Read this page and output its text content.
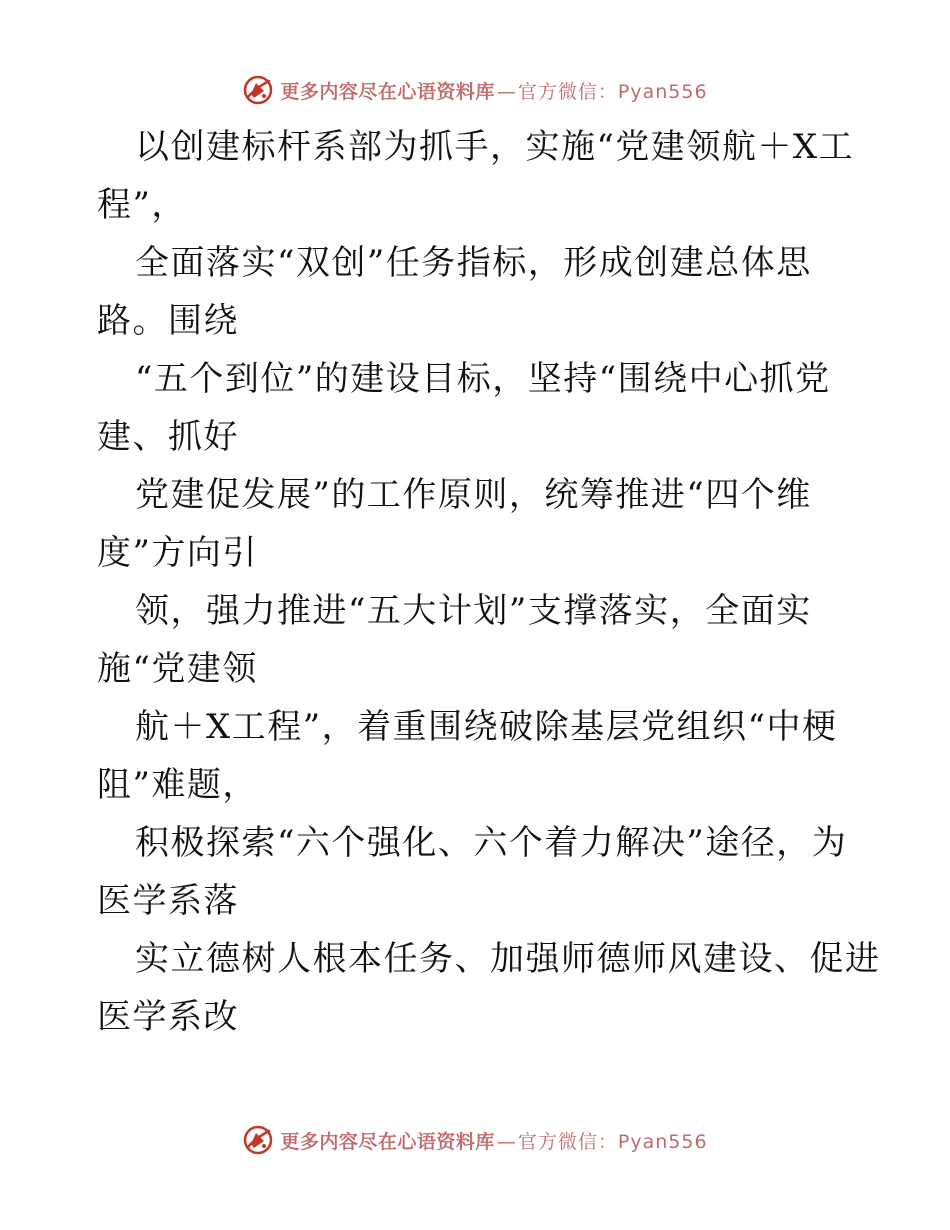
更多内容尽在心语资料库 — 官方微信：Pyan556
以创建标杆系部为抓手，实施“党建领航＋X工
程”，
全面落实“双创”任务指标，形成创建总体思
路。围绕
“五个到位”的建设目标，坚持“围绕中心抓党
建、抓好
党建促发展”的工作原则，统筹推进“四个维
度”方向引
领，强力推进“五大计划”支撑落实，全面实
施“党建领
航＋X工程”，着重围绕破除基层党组织“中梗
阻”难题，
积极探索“六个强化、六个着力解决”途径，为
医学系落
实立德树人根本任务、加强师德师风建设、促进
医学系改
更多内容尽在心语资料库 — 官方微信：Pyan556
